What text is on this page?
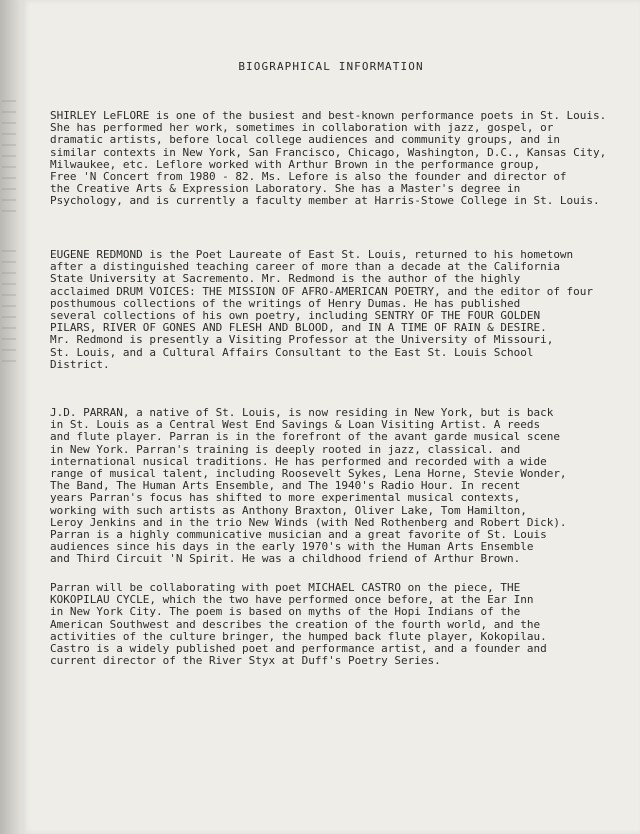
BIOGRAPHICAL INFORMATION
SHIRLEY LeFLORE is one of the busiest and best-known performance poets in St. Louis.
She has performed her work, sometimes in collaboration with jazz, gospel, or
dramatic artists, before local college audiences and community groups, and in
similar contexts in New York, San Francisco, Chicago, Washington, D.C., Kansas City,
Milwaukee, etc. Leflore worked with Arthur Brown in the performance group,
Free 'N Concert from 1980 - 82. Ms. Lefore is also the founder and director of
the Creative Arts & Expression Laboratory. She has a Master's degree in
Psychology, and is currently a faculty member at Harris-Stowe College in St. Louis.
EUGENE REDMOND is the Poet Laureate of East St. Louis, returned to his hometown
after a distinguished teaching career of more than a decade at the California
State University at Sacremento. Mr. Redmond is the author of the highly
acclaimed DRUM VOICES: THE MISSION OF AFRO-AMERICAN POETRY, and the editor of four
posthumous collections of the writings of Henry Dumas. He has published
several collections of his own poetry, including SENTRY OF THE FOUR GOLDEN
PILARS, RIVER OF GONES AND FLESH AND BLOOD, and IN A TIME OF RAIN & DESIRE.
Mr. Redmond is presently a Visiting Professor at the University of Missouri,
St. Louis, and a Cultural Affairs Consultant to the East St. Louis School
District.
J.D. PARRAN, a native of St. Louis, is now residing in New York, but is back
in St. Louis as a Central West End Savings & Loan Visiting Artist. A reeds
and flute player. Parran is in the forefront of the avant garde musical scene
in New York. Parran's training is deeply rooted in jazz, classical. and
international nusical traditions. He has performed and recorded with a wide
range of musical talent, including Roosevelt Sykes, Lena Horne, Stevie Wonder,
The Band, The Human Arts Ensemble, and The 1940's Radio Hour. In recent
years Parran's focus has shifted to more experimental musical contexts,
working with such artists as Anthony Braxton, Oliver Lake, Tom Hamilton,
Leroy Jenkins and in the trio New Winds (with Ned Rothenberg and Robert Dick).
Parran is a highly communicative musician and a great favorite of St. Louis
audiences since his days in the early 1970's with the Human Arts Ensemble
and Third Circuit 'N Spirit. He was a childhood friend of Arthur Brown.
Parran will be collaborating with poet MICHAEL CASTRO on the piece, THE
KOKOPILAU CYCLE, which the two have performed once before, at the Ear Inn
in New York City. The poem is based on myths of the Hopi Indians of the
American Southwest and describes the creation of the fourth world, and the
activities of the culture bringer, the humped back flute player, Kokopilau.
Castro is a widely published poet and performance artist, and a founder and
current director of the River Styx at Duff's Poetry Series.
